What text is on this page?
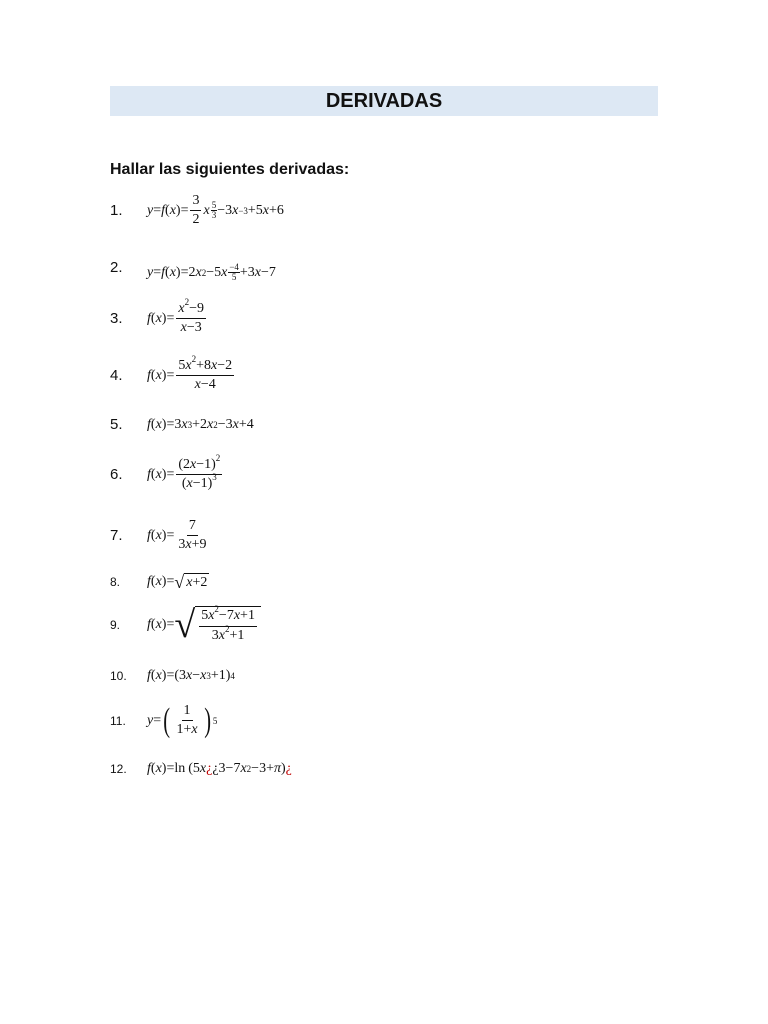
DERIVADAS
Hallar las siguientes derivadas:
1.	y = f ( x )= $\frac{3}{2}$ x 5
3 −3 x −3 +5 x +6
2.	y = f ( x )=2 x 2 −5 x −4
5 +3 x −7
3.	f ( x )= $\frac{x^2-9}{x-3}$
4.	f ( x )= $\frac{5x^2+8x-2}{x-4}$
5.	f ( x )=3 x 3 +2 x 2 −3 x +4
6.	f ( x )= $\frac{(2x-1)^2}{(x-1)^3}$
7.	f ( x )= $\frac{7}{3x+9}$
8.	f ( x )= √ x+2
9.	f ( x )= √ $\frac{5x^2-7x+1}{3x^2+1}$
10.	f ( x )=(3 x − x 3 +1) 4
11.	y = ( $\frac{1}{1+x}$ ) 5
12.	f ( x )=ln (5 x ¿ ¿3−7 x 2 −3+ π ) ¿
